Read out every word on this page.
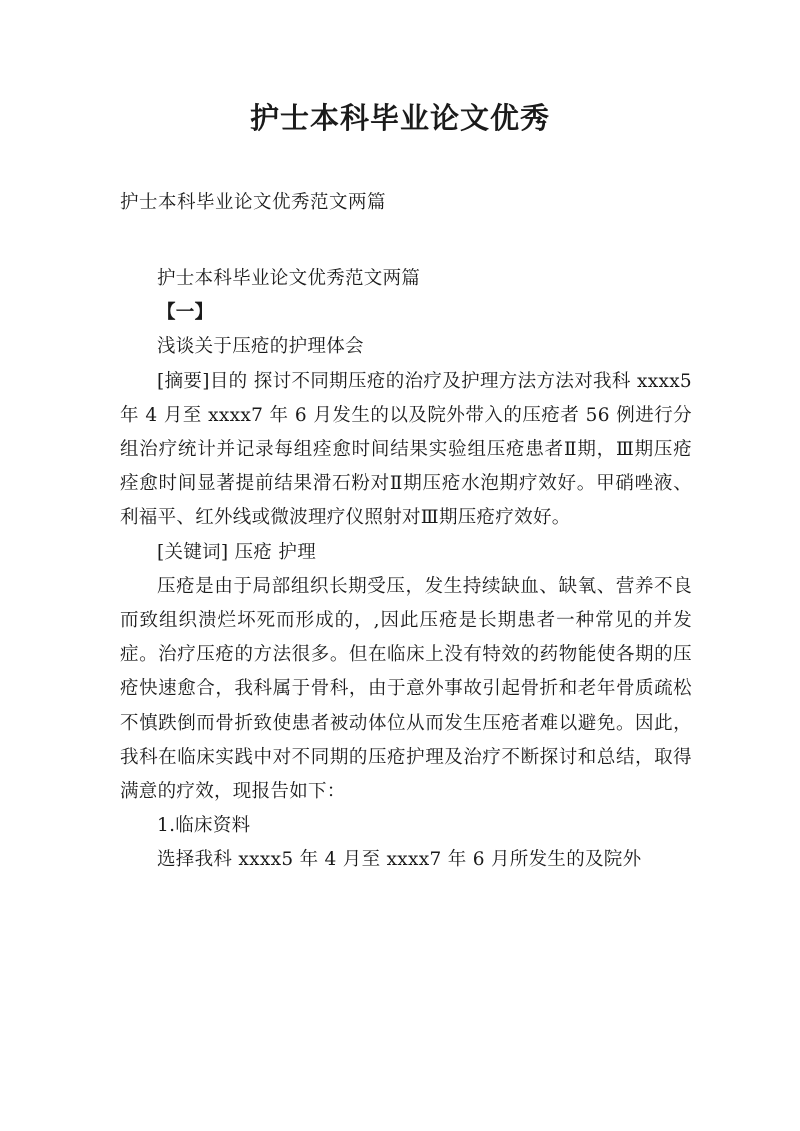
护士本科毕业论文优秀

护士本科毕业论文优秀范文两篇

护士本科毕业论文优秀范文两篇

【一】

浅谈关于压疮的护理体会

[摘要]目的 探讨不同期压疮的治疗及护理方法方法对我科 xxxx5 年 4 月至 xxxx7 年 6 月发生的以及院外带入的压疮者 56 例进行分组治疗统计并记录每组痊愈时间结果实验组压疮患者Ⅱ期，Ⅲ期压疮痊愈时间显著提前结果滑石粉对Ⅱ期压疮水泡期疗效好。甲硝唑液、利福平、红外线或微波理疗仪照射对Ⅲ期压疮疗效好。

[关键词] 压疮 护理

压疮是由于局部组织长期受压，发生持续缺血、缺氧、营养不良而致组织溃烂坏死而形成的，,因此压疮是长期患者一种常见的并发症。治疗压疮的方法很多。但在临床上没有特效的药物能使各期的压疮快速愈合，我科属于骨科，由于意外事故引起骨折和老年骨质疏松不慎跌倒而骨折致使患者被动体位从而发生压疮者难以避免。因此，我科在临床实践中对不同期的压疮护理及治疗不断探讨和总结，取得满意的疗效，现报告如下：

1.临床资料

选择我科 xxxx5 年 4 月至 xxxx7 年 6 月所发生的及院外
